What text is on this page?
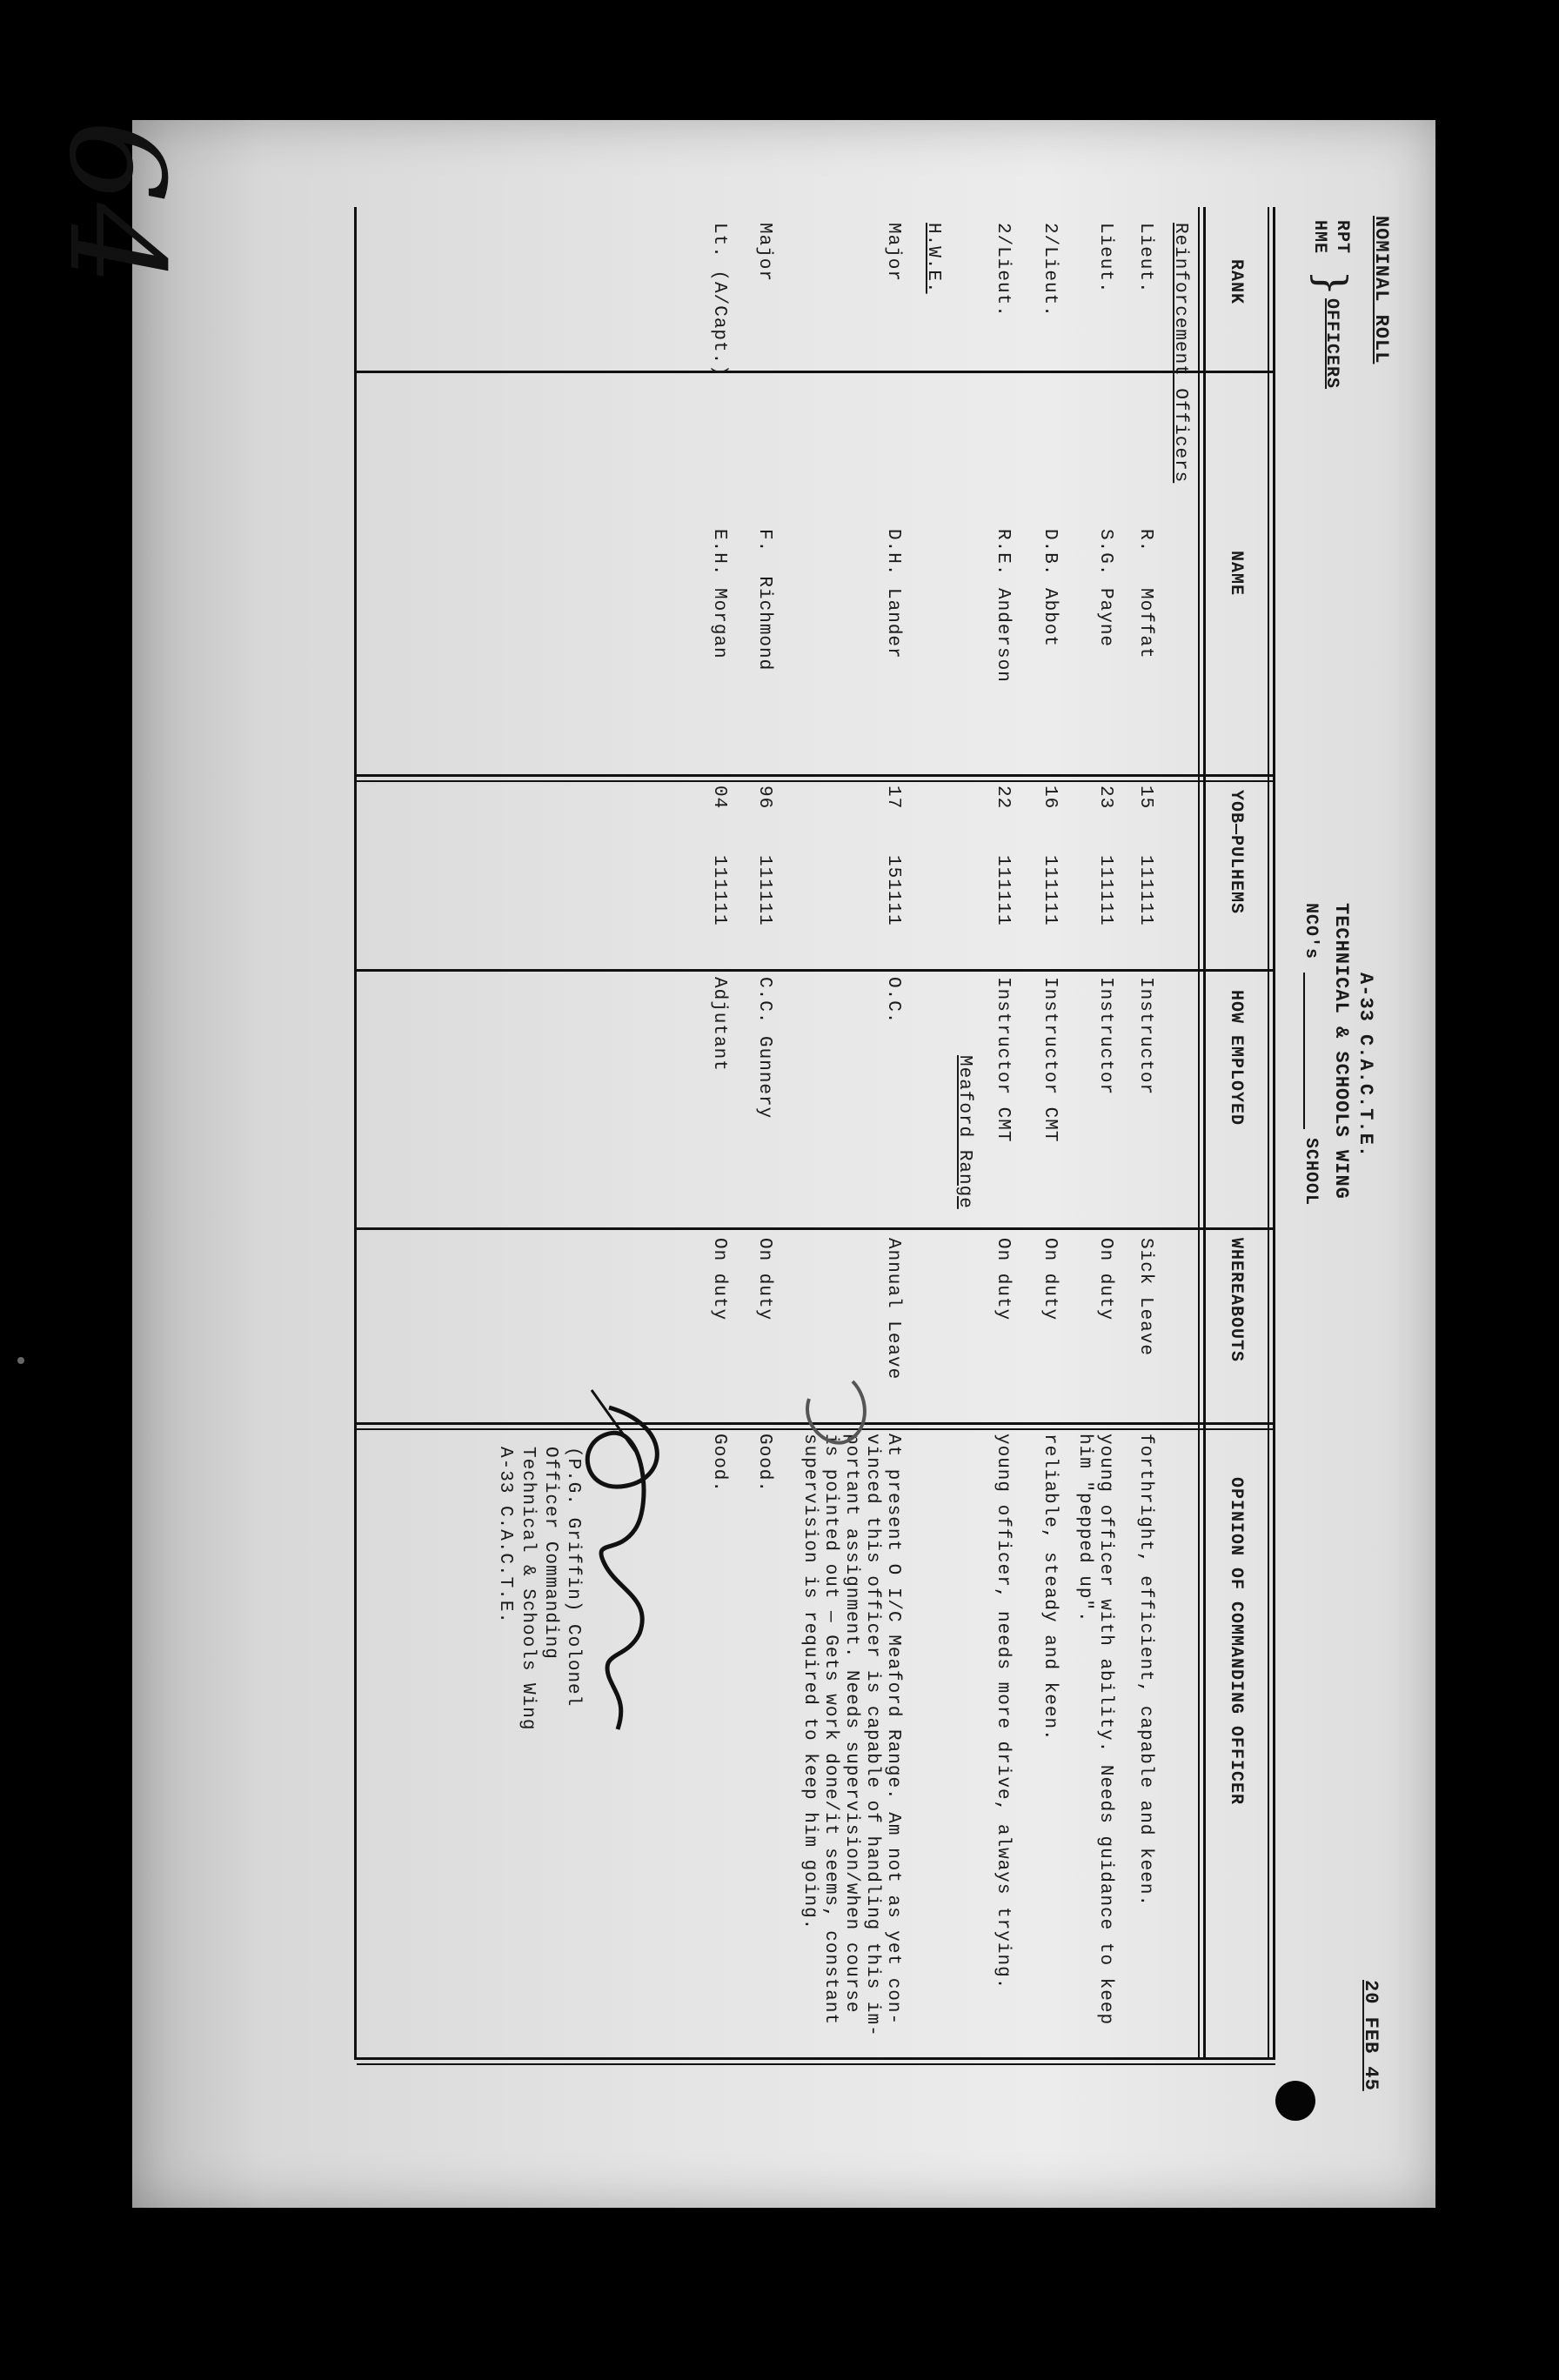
NOMINAL ROLL
RPT
HME
}
OFFICERS
A-33 C.A.C.T.E.
TECHNICAL & SCHOOLS WING
NCO's
SCHOOL
20 FEB 45
RANK
NAME
YOB—PULHEMS
HOW EMPLOYED
WHEREABOUTS
OPINION OF COMMANDING OFFICER
Reinforcement Officers
Lieut.
R.   Moffat
15
111111
Instructor
Sick Leave
forthright, efficient, capable and keen.
Lieut.
S.G. Payne
23
111111
Instructor
On duty
young officer with ability. Needs guidance to keep
him "pepped up".
2/Lieut.
D.B. Abbot
16
111111
Instructor CMT
On duty
reliable, steady and keen.
2/Lieut.
R.E. Anderson
22
111111
Instructor CMT
On duty
young officer, needs more drive, always trying.
H.W.E.
Major
D.H. Lander
17
151111
O.C.
Meaford Range
Annual Leave
At present O I/C Meaford Range. Am not as yet con-
vinced this officer is capable of handling this im-
portant assignment. Needs supervision/when course
is pointed out — Gets work done/it seems, constant
supervision is required to keep him going.
Major
F.  Richmond
96
111111
C.C. Gunnery
On duty
Good.
Lt. (A/Capt.)
E.H. Morgan
04
111111
Adjutant
On duty
Good.
(P.G. Griffin) Colonel
Officer Commanding
Technical & Schools Wing
A-33 C.A.C.T.E.
64
